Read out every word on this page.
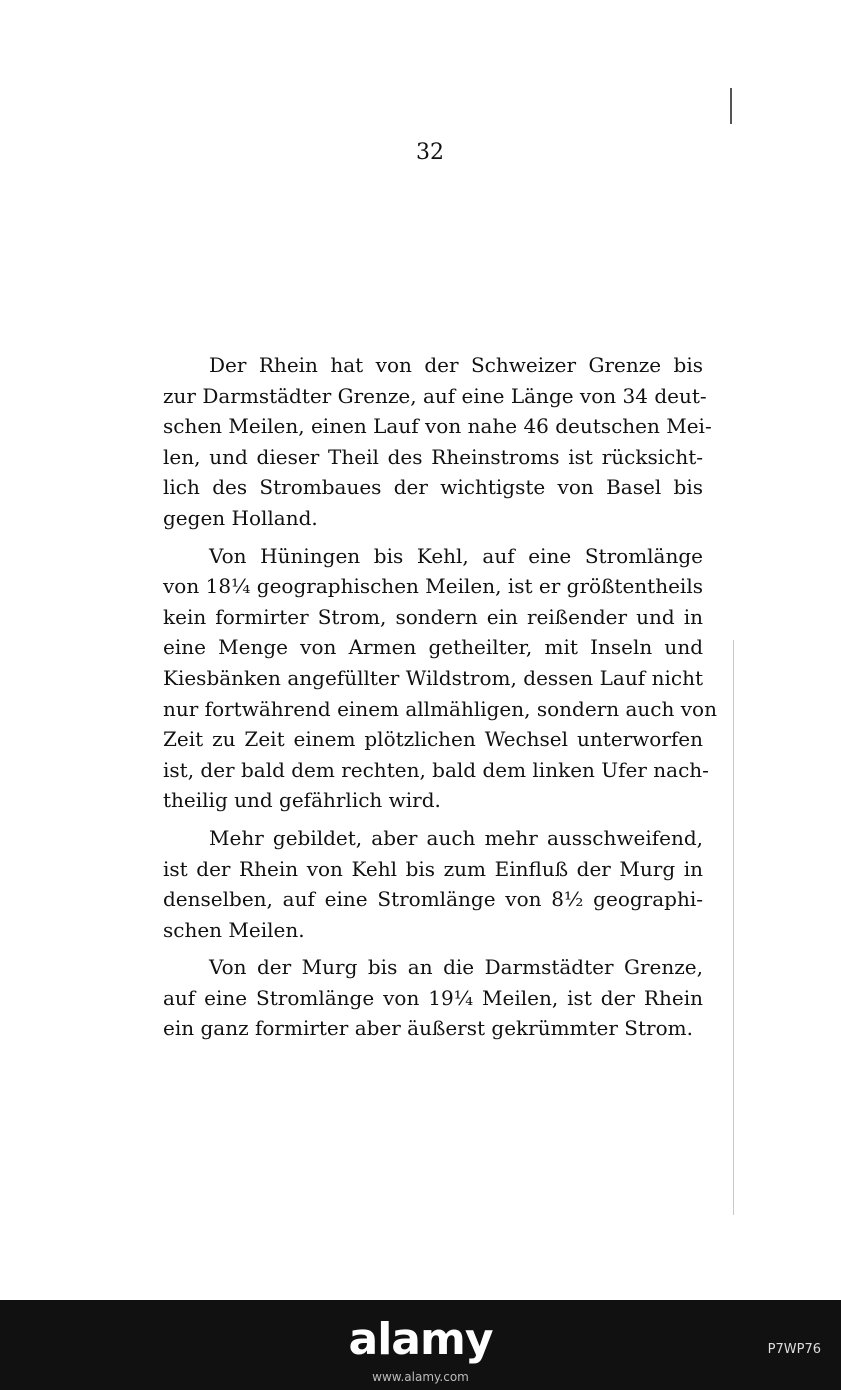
32

Der Rhein hat von der Schweizer Grenze bis
zur Darmstädter Grenze, auf eine Länge von 34 deut-
schen Meilen, einen Lauf von nahe 46 deutschen Mei-
len, und dieser Theil des Rheinstroms ist rücksicht-
lich des Strombaues der wichtigste von Basel bis
gegen Holland.

Von Hüningen bis Kehl, auf eine Stromlänge
von 18¼ geographischen Meilen, ist er größtentheils
kein formirter Strom, sondern ein reißender und in
eine Menge von Armen getheilter, mit Inseln und
Kiesbänken angefüllter Wildstrom, dessen Lauf nicht
nur fortwährend einem allmähligen, sondern auch von
Zeit zu Zeit einem plötzlichen Wechsel unterworfen
ist, der bald dem rechten, bald dem linken Ufer nach-
theilig und gefährlich wird.

Mehr gebildet, aber auch mehr ausschweifend,
ist der Rhein von Kehl bis zum Einfluß der Murg in
denselben, auf eine Stromlänge von 8½ geographi-
schen Meilen.

Von der Murg bis an die Darmstädter Grenze,
auf eine Stromlänge von 19¼ Meilen, ist der Rhein
ein ganz formirter aber äußerst gekrümmter Strom.

alamy	P7WP76
www.alamy.com
